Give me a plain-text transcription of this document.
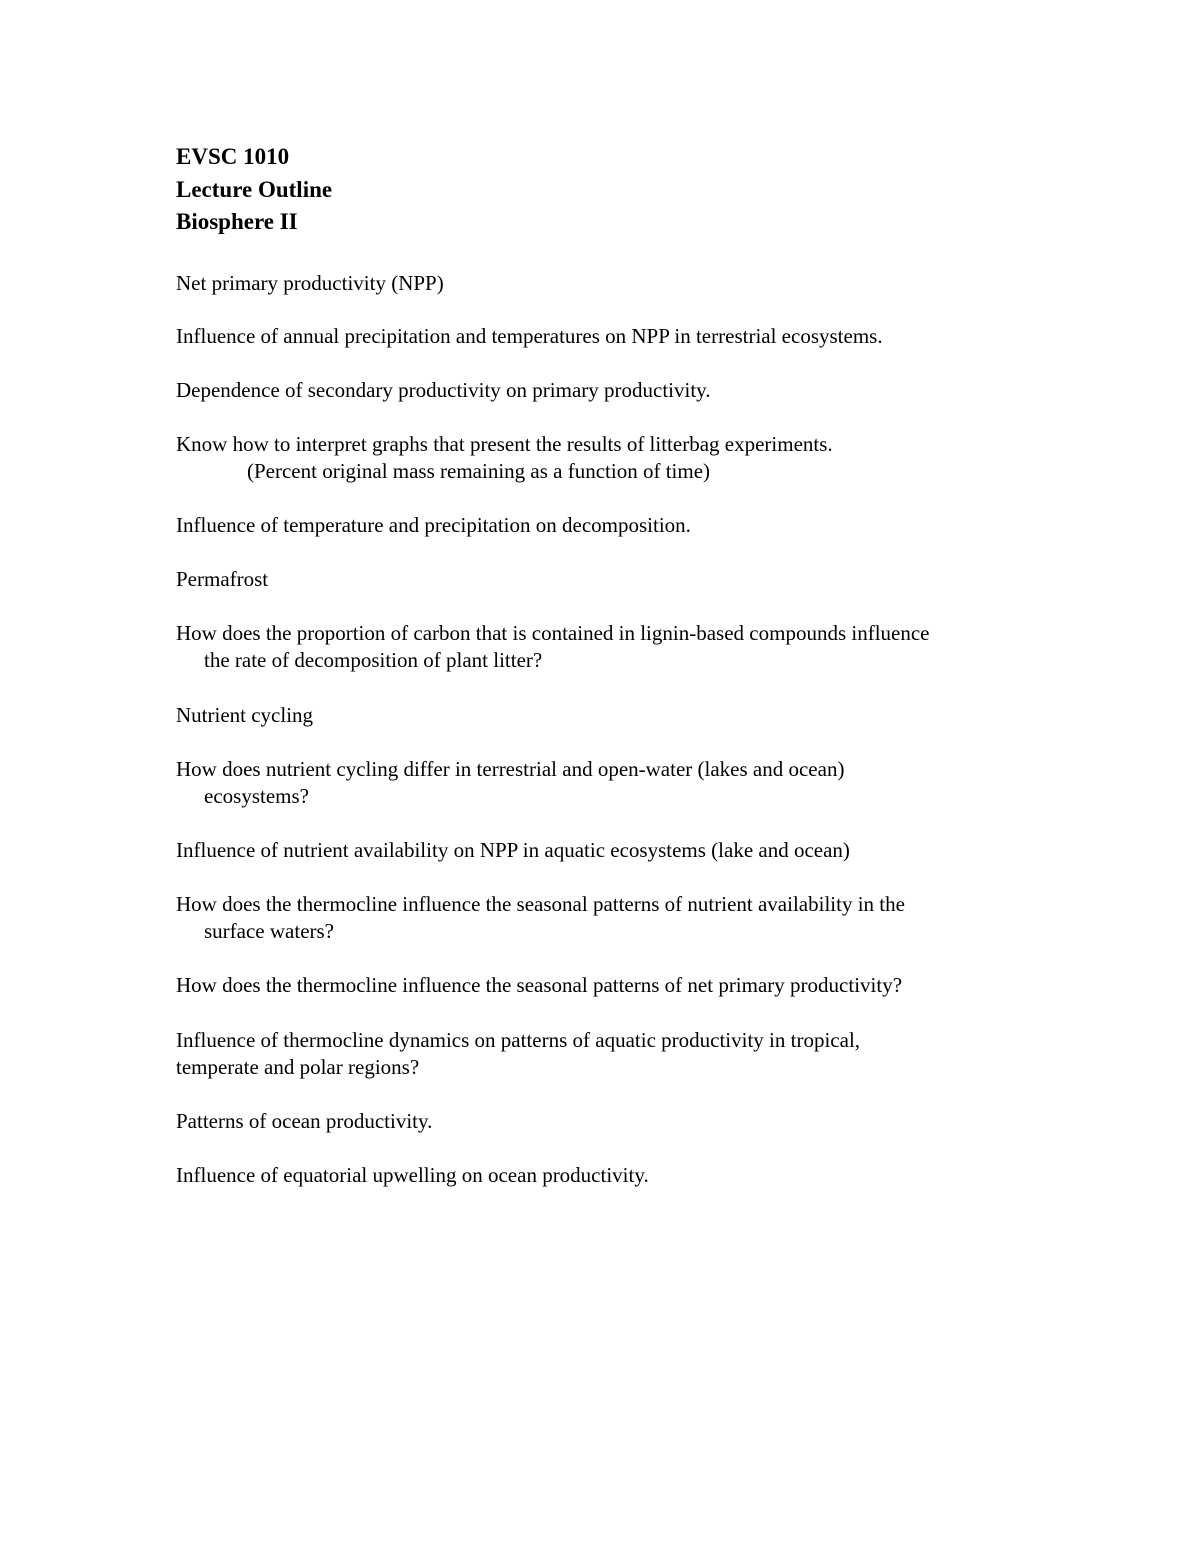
EVSC 1010
Lecture Outline
Biosphere II
Net primary productivity (NPP)
Influence of annual precipitation and temperatures on NPP in terrestrial ecosystems.
Dependence of secondary productivity on primary productivity.
Know how to interpret graphs that present the results of litterbag experiments.
(Percent original mass remaining as a function of time)
Influence of temperature and precipitation on decomposition.
Permafrost
How does the proportion of carbon that is contained in lignin-based compounds influence
the rate of decomposition of plant litter?
Nutrient cycling
How does nutrient cycling differ in terrestrial and open-water (lakes and ocean)
ecosystems?
Influence of nutrient availability on NPP in aquatic ecosystems (lake and ocean)
How does the thermocline influence the seasonal patterns of nutrient availability in the
surface waters?
How does the thermocline influence the seasonal patterns of net primary productivity?
Influence of thermocline dynamics on patterns of aquatic productivity in tropical,
temperate and polar regions?
Patterns of ocean productivity.
Influence of equatorial upwelling on ocean productivity.
